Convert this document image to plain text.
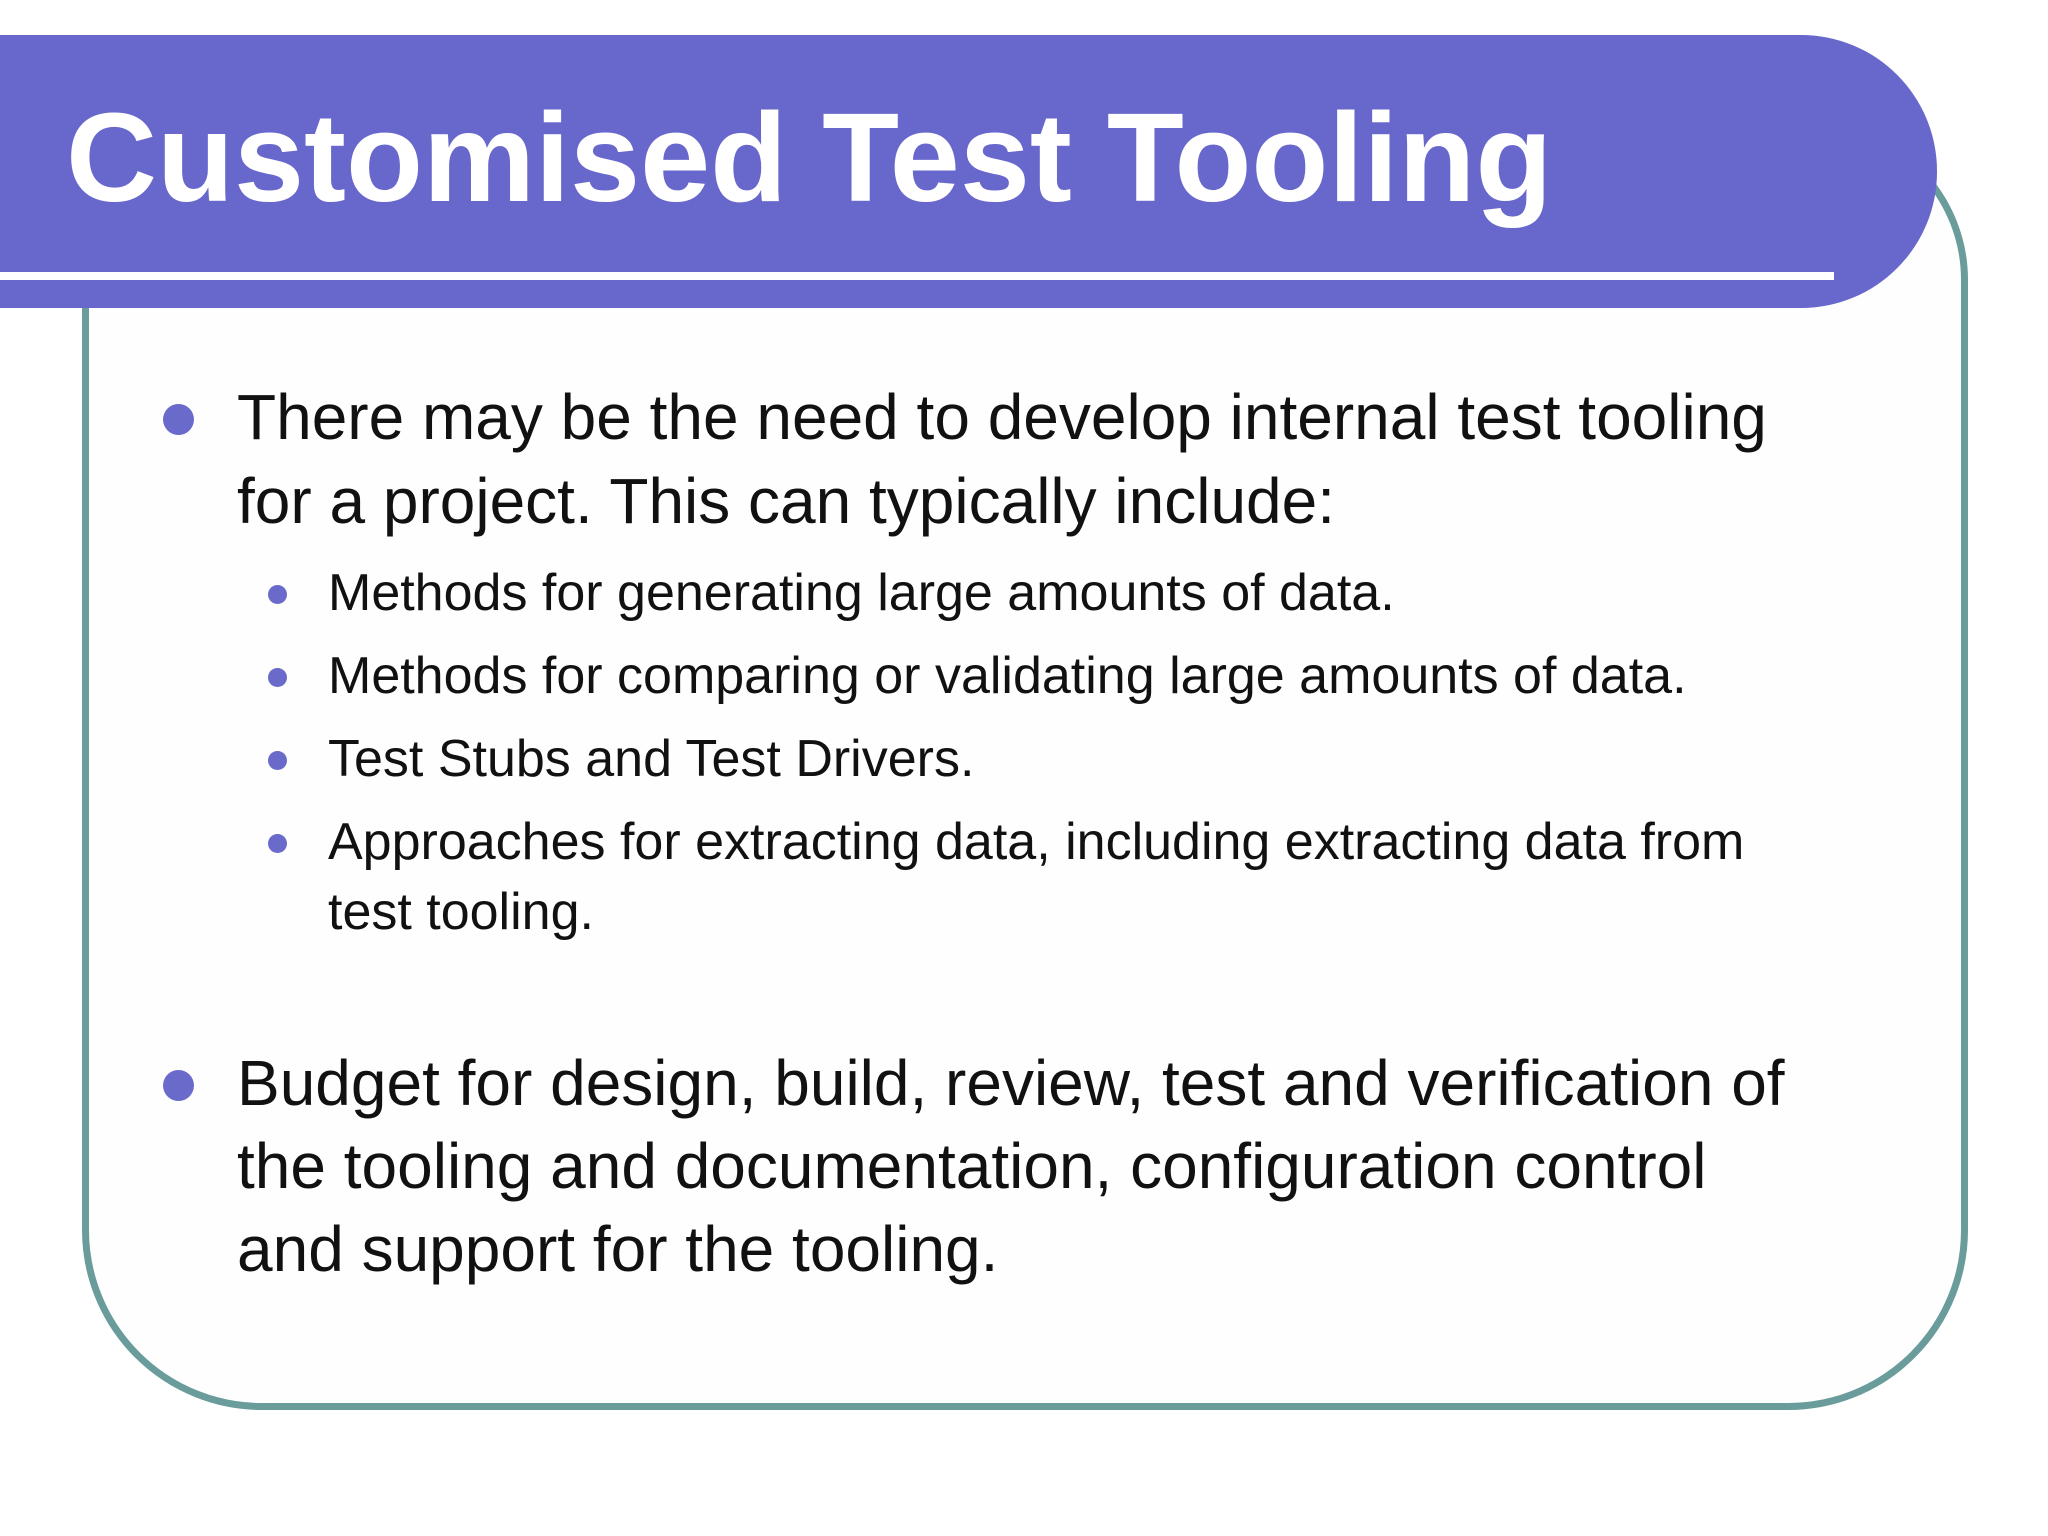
Customised Test Tooling
There may be the need to develop internal test tooling
for a project. This can typically include:
Methods for generating large amounts of data.
Methods for comparing or validating large amounts of data.
Test Stubs and Test Drivers.
Approaches for extracting data, including extracting data from
test tooling.
Budget for design, build, review, test and verification of
the tooling and documentation, configuration control
and support for the tooling.
